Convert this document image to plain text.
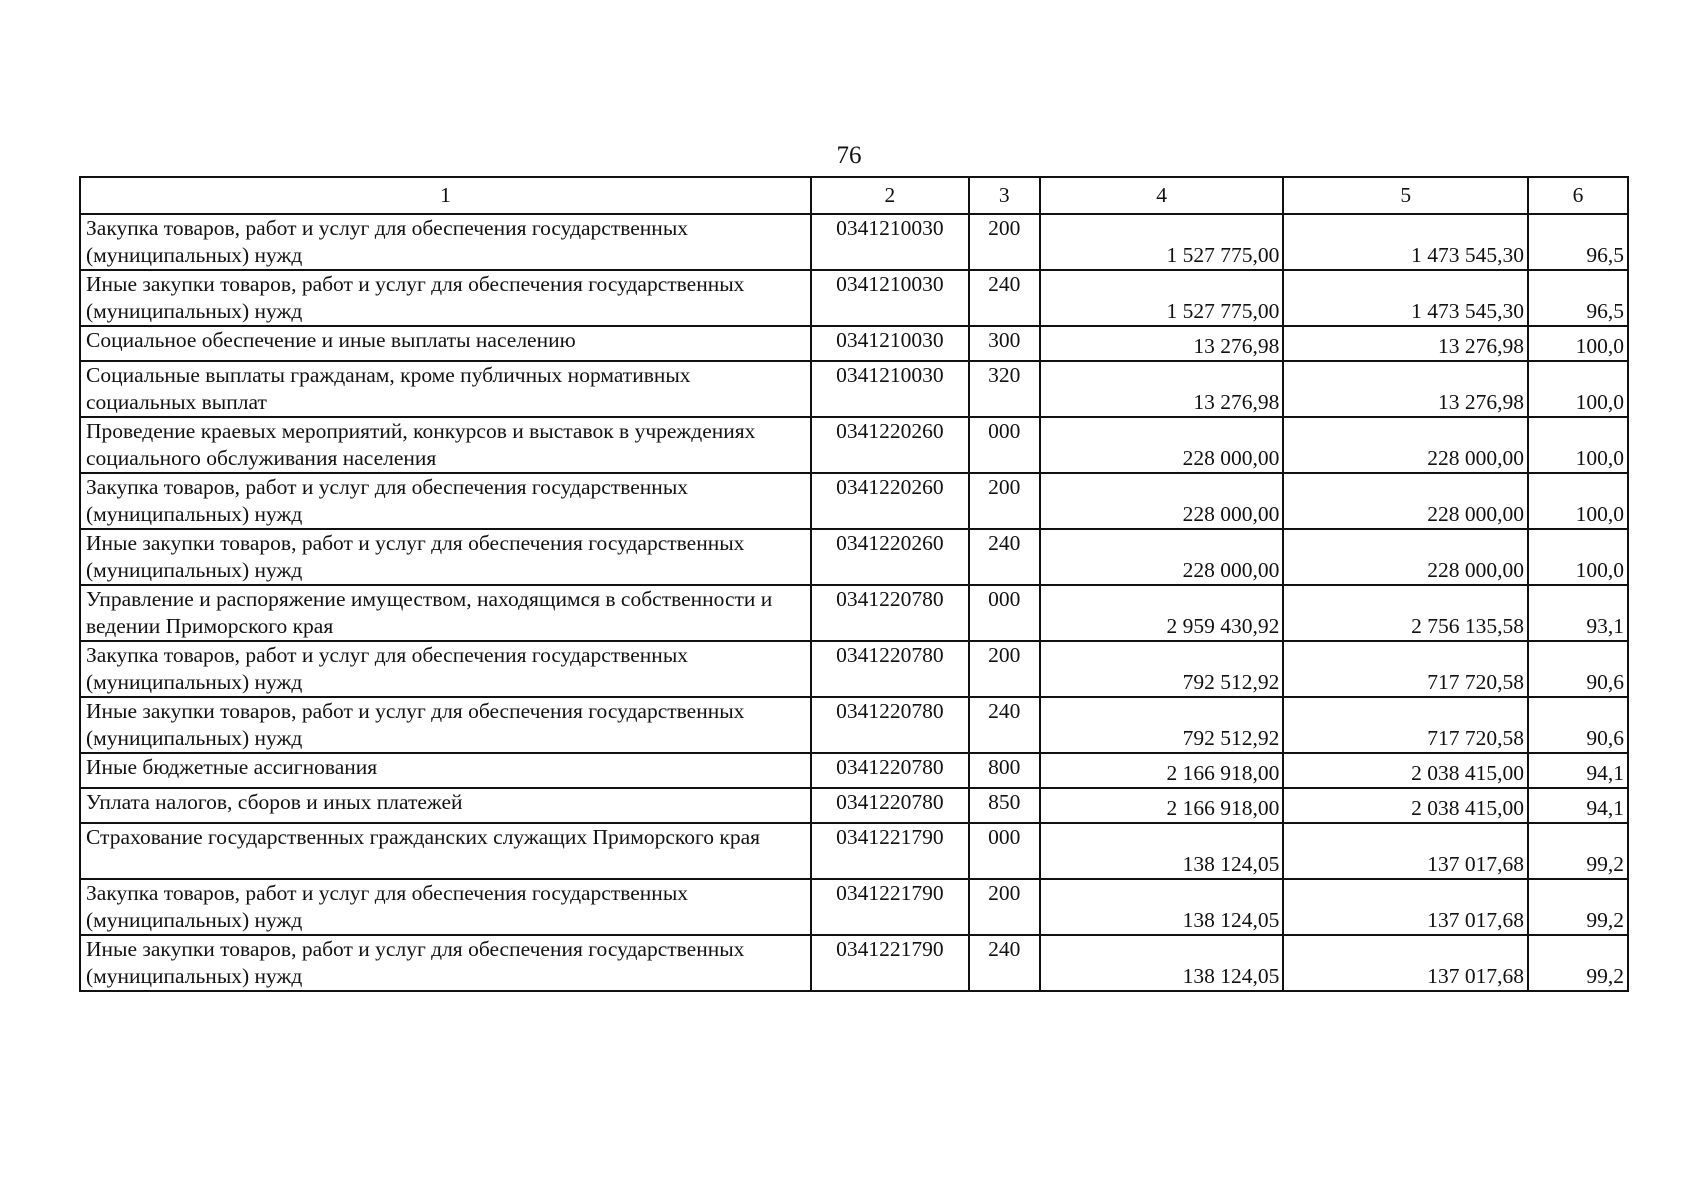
76
1	2	3	4	5	6
Закупка товаров, работ и услуг для обеспечения государственных (муниципальных) нужд	0341210030	200	1 527 775,00	1 473 545,30	96,5
Иные закупки товаров, работ и услуг для обеспечения государственных (муниципальных) нужд	0341210030	240	1 527 775,00	1 473 545,30	96,5
Социальное обеспечение и иные выплаты населению	0341210030	300	13 276,98	13 276,98	100,0
Социальные выплаты гражданам, кроме публичных нормативных социальных выплат	0341210030	320	13 276,98	13 276,98	100,0
Проведение краевых мероприятий, конкурсов и выставок в учреждениях социального обслуживания населения	0341220260	000	228 000,00	228 000,00	100,0
Закупка товаров, работ и услуг для обеспечения государственных (муниципальных) нужд	0341220260	200	228 000,00	228 000,00	100,0
Иные закупки товаров, работ и услуг для обеспечения государственных (муниципальных) нужд	0341220260	240	228 000,00	228 000,00	100,0
Управление и распоряжение имуществом, находящимся в собственности и ведении Приморского края	0341220780	000	2 959 430,92	2 756 135,58	93,1
Закупка товаров, работ и услуг для обеспечения государственных (муниципальных) нужд	0341220780	200	792 512,92	717 720,58	90,6
Иные закупки товаров, работ и услуг для обеспечения государственных (муниципальных) нужд	0341220780	240	792 512,92	717 720,58	90,6
Иные бюджетные ассигнования	0341220780	800	2 166 918,00	2 038 415,00	94,1
Уплата налогов, сборов и иных платежей	0341220780	850	2 166 918,00	2 038 415,00	94,1
Страхование государственных гражданских служащих Приморского края	0341221790	000	138 124,05	137 017,68	99,2
Закупка товаров, работ и услуг для обеспечения государственных (муниципальных) нужд	0341221790	200	138 124,05	137 017,68	99,2
Иные закупки товаров, работ и услуг для обеспечения государственных (муниципальных) нужд	0341221790	240	138 124,05	137 017,68	99,2
